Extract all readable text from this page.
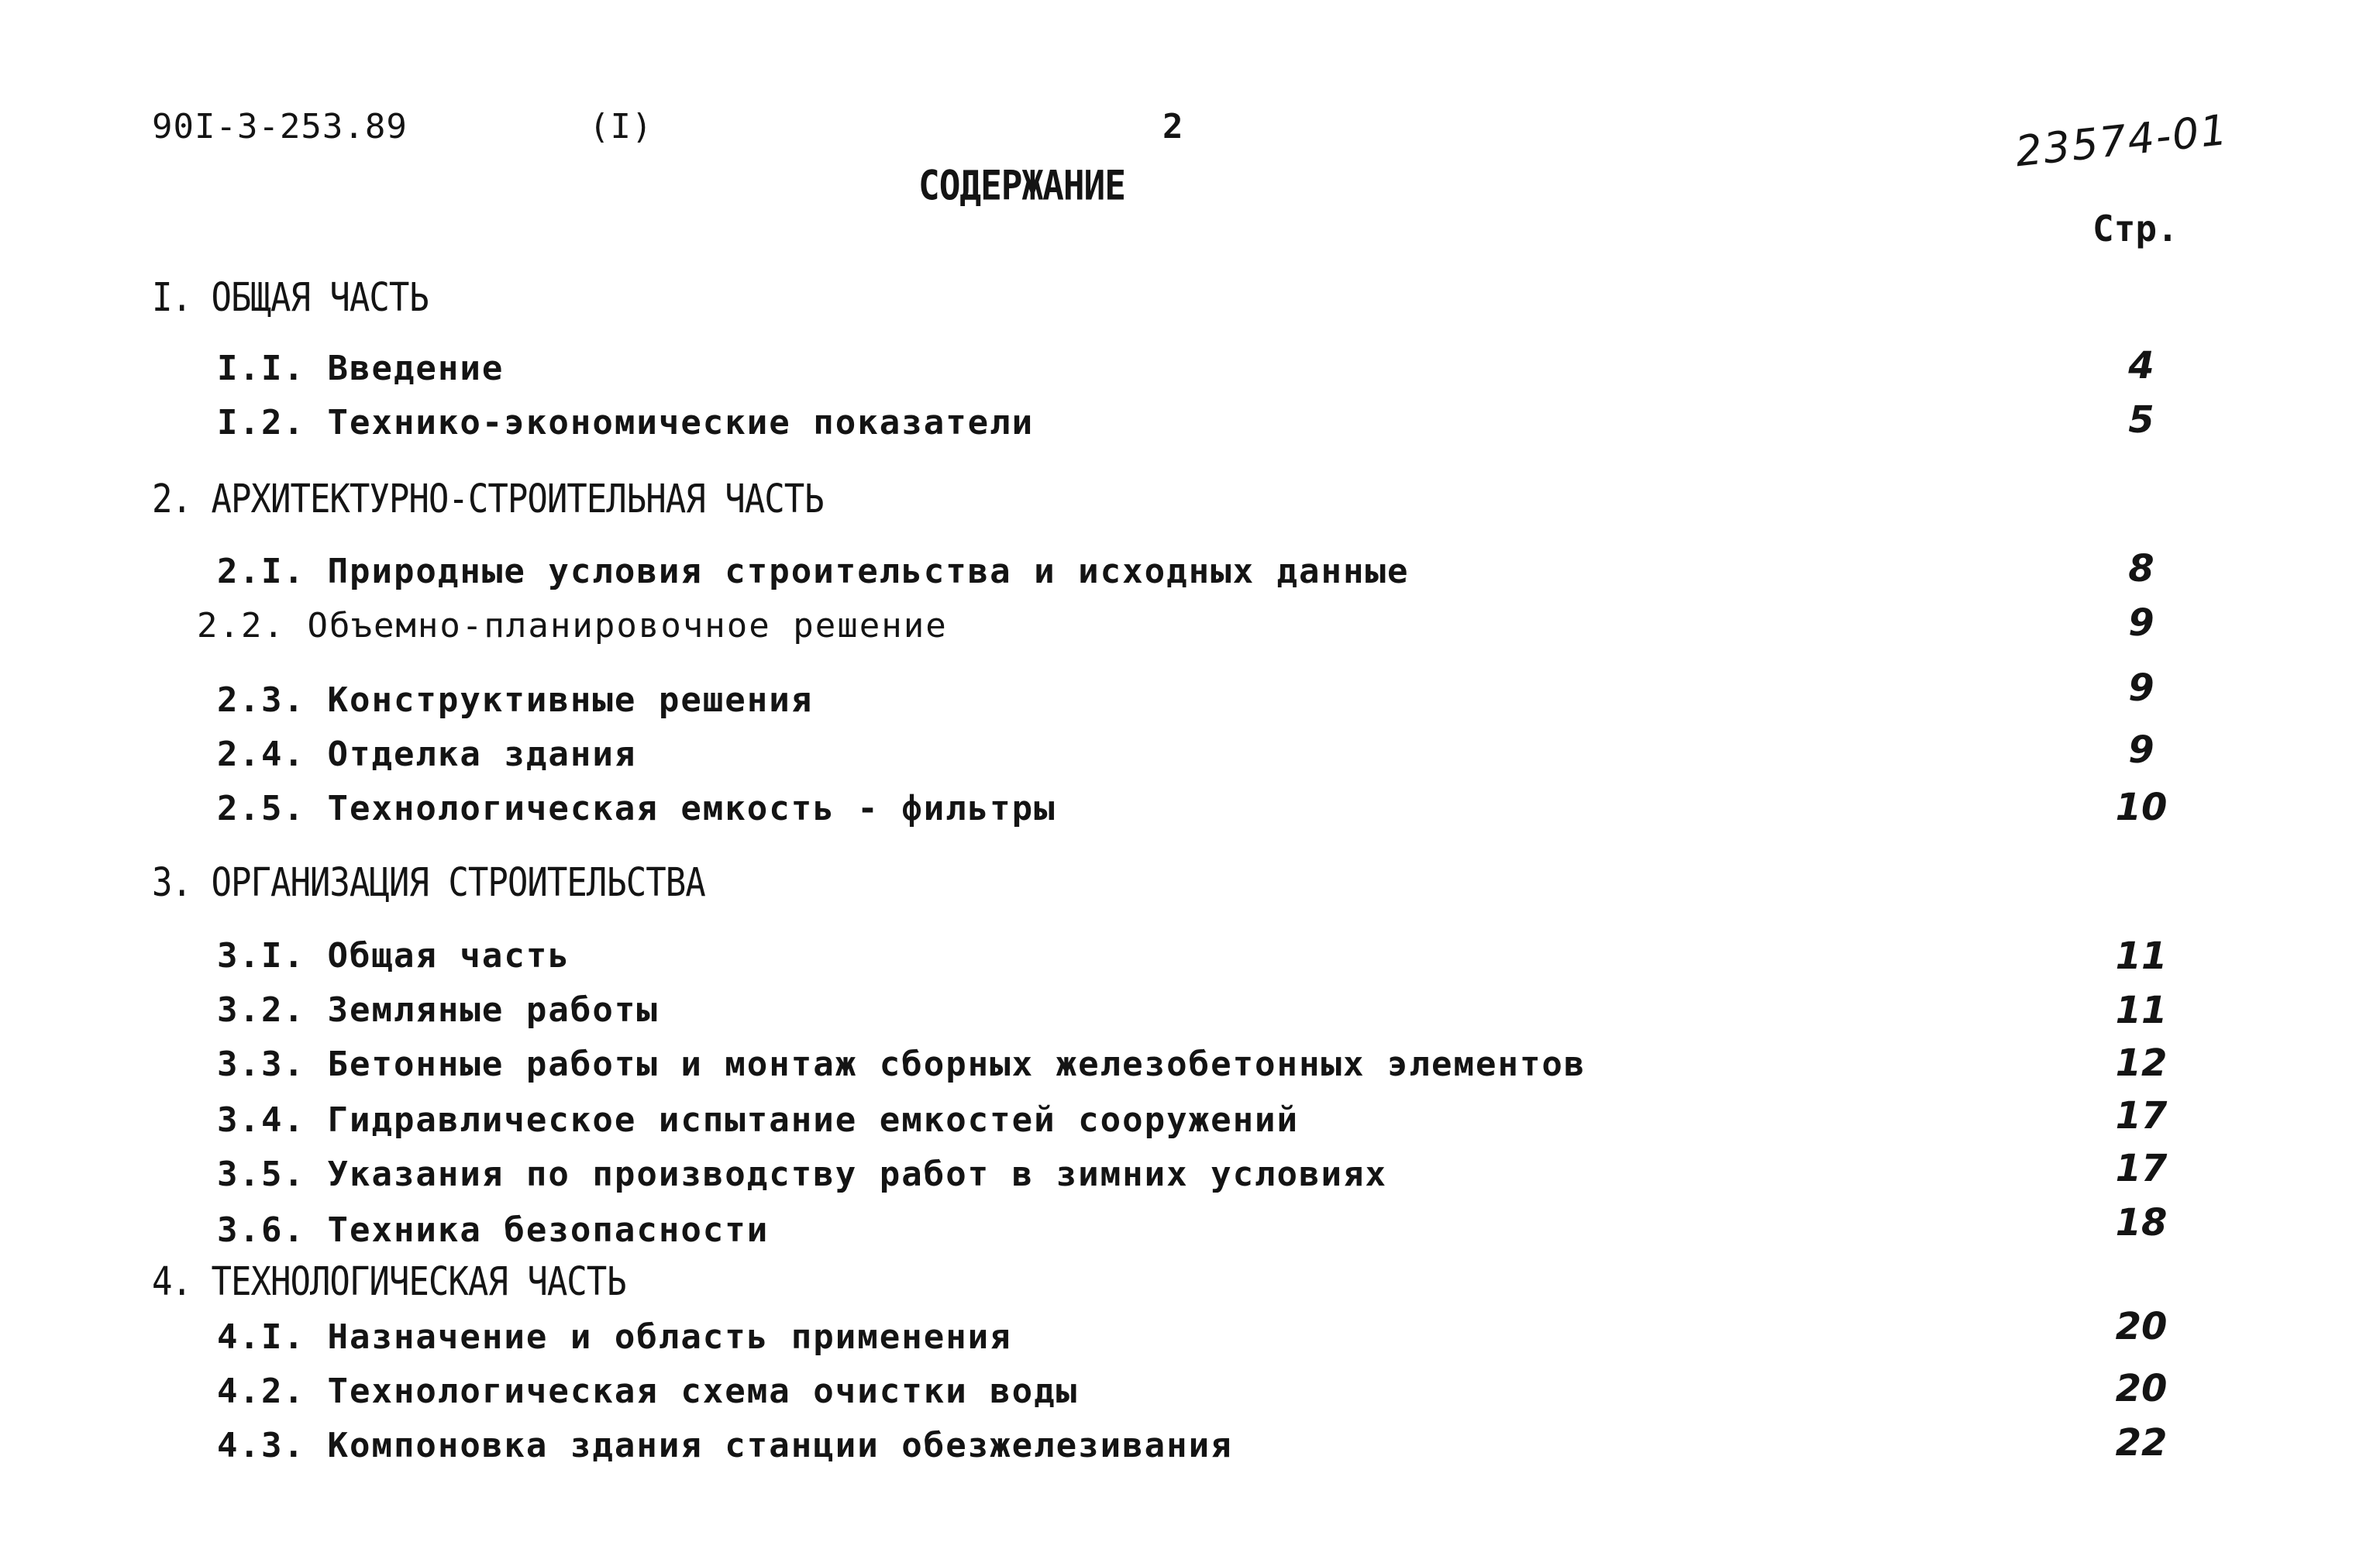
90I-3-253.89	(I)	2
СОДЕРЖАНИЕ
23574-01
Стр.
I. ОБЩАЯ ЧАСТЬ
I.I. Введение	4
I.2. Технико-экономические показатели	5
2. АРХИТЕКТУРНО-СТРОИТЕЛЬНАЯ ЧАСТЬ
2.I. Природные условия строительства и исходных данные	8
2.2. Объемно-планировочное решение	9
2.3. Конструктивные решения	9
2.4. Отделка здания	9
2.5. Технологическая емкость - фильтры	10
3. ОРГАНИЗАЦИЯ СТРОИТЕЛЬСТВА
3.I. Общая часть	11
3.2. Земляные работы	11
3.3. Бетонные работы и монтаж сборных железобетонных элементов	12
3.4. Гидравлическое испытание емкостей сооружений	17
3.5. Указания по производству работ в зимних условиях	17
3.6. Техника безопасности	18
4. ТЕХНОЛОГИЧЕСКАЯ ЧАСТЬ
4.I. Назначение и область применения	20
4.2. Технологическая схема очистки воды	20
4.3. Компоновка здания станции обезжелезивания	22
